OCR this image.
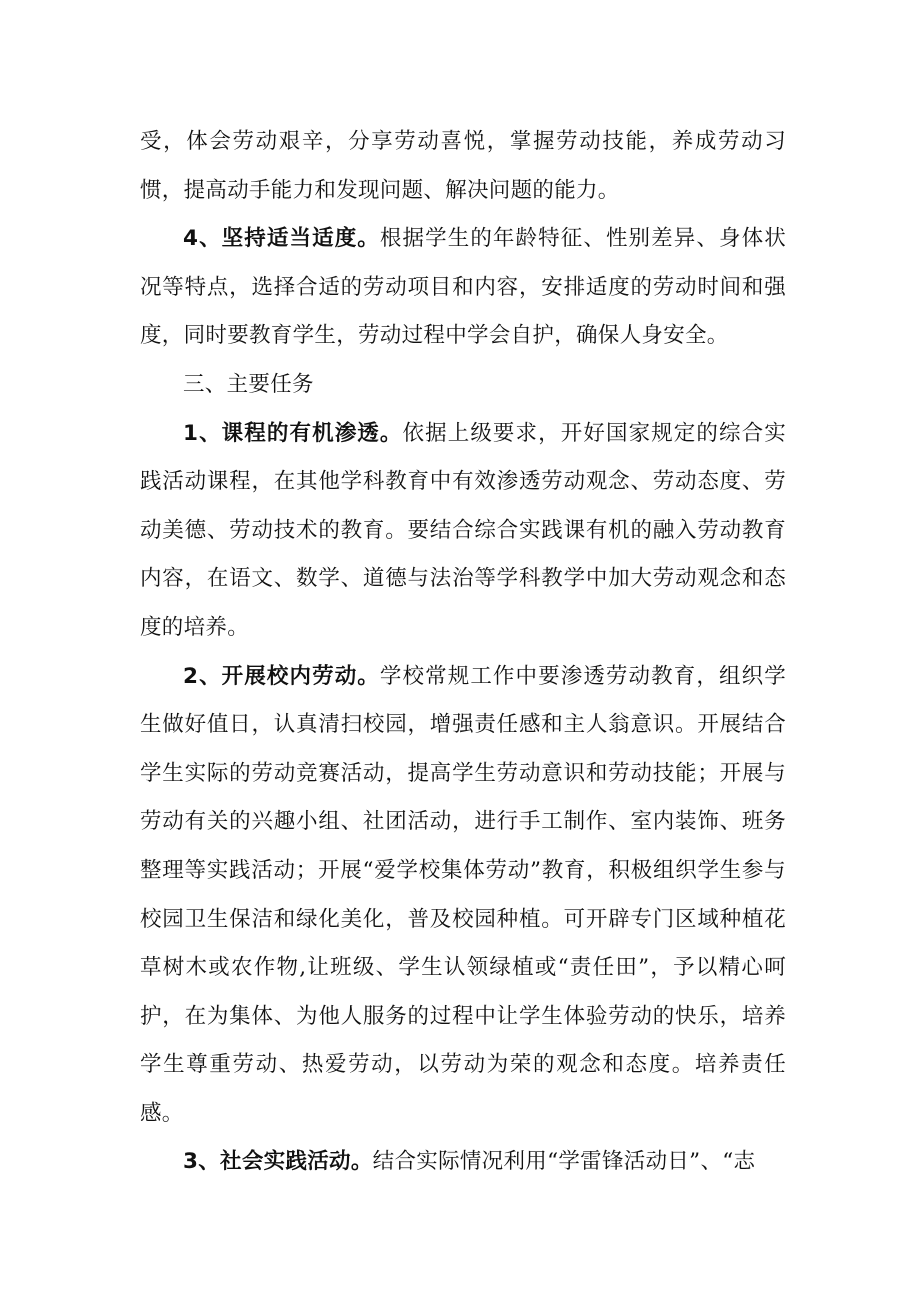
受，体会劳动艰辛，分享劳动喜悦，掌握劳动技能，养成劳动习惯，提高动手能力和发现问题、解决问题的能力。

4、坚持适当适度。根据学生的年龄特征、性别差异、身体状况等特点，选择合适的劳动项目和内容，安排适度的劳动时间和强度，同时要教育学生，劳动过程中学会自护，确保人身安全。

三、主要任务

1、课程的有机渗透。依据上级要求，开好国家规定的综合实践活动课程，在其他学科教育中有效渗透劳动观念、劳动态度、劳动美德、劳动技术的教育。要结合综合实践课有机的融入劳动教育内容，在语文、数学、道德与法治等学科教学中加大劳动观念和态度的培养。

2、开展校内劳动。学校常规工作中要渗透劳动教育，组织学生做好值日，认真清扫校园，增强责任感和主人翁意识。开展结合学生实际的劳动竞赛活动，提高学生劳动意识和劳动技能；开展与劳动有关的兴趣小组、社团活动，进行手工制作、室内装饰、班务整理等实践活动；开展“爱学校集体劳动”教育，积极组织学生参与校园卫生保洁和绿化美化，普及校园种植。可开辟专门区域种植花草树木或农作物,让班级、学生认领绿植或“责任田”，予以精心呵护，在为集体、为他人服务的过程中让学生体验劳动的快乐，培养学生尊重劳动、热爱劳动，以劳动为荣的观念和态度。培养责任感。

3、社会实践活动。结合实际情况利用“学雷锋活动日”、“志
